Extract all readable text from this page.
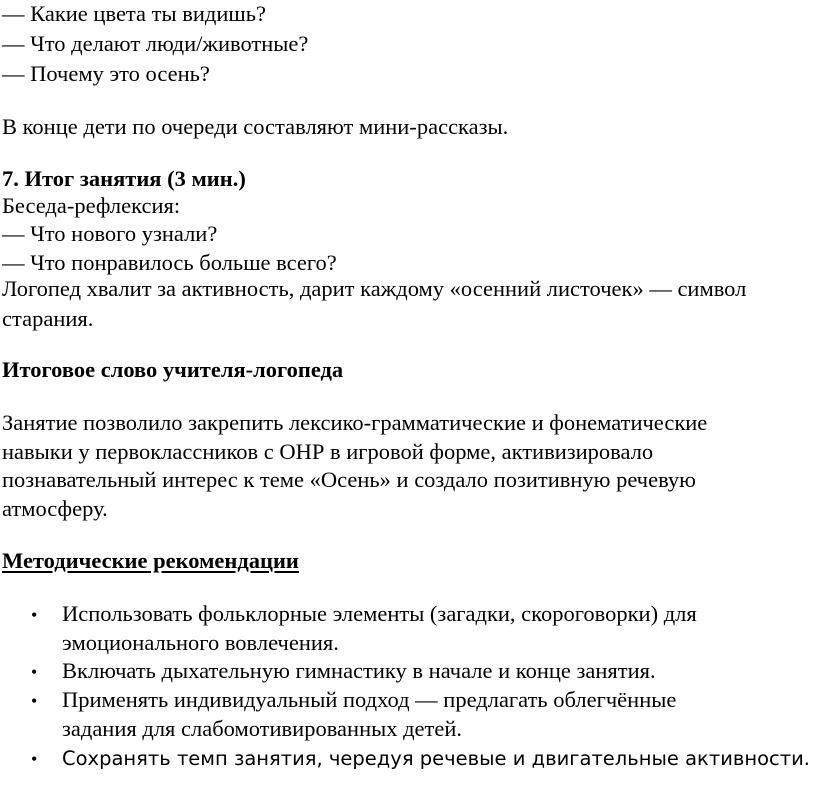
— Какие цвета ты видишь?
— Что делают люди/животные?
— Почему это осень?
В конце дети по очереди составляют мини-рассказы.
7. Итог занятия (3 мин.)
Беседа-рефлексия:
— Что нового узнали?
— Что понравилось больше всего?
Логопед хвалит за активность, дарит каждому «осенний листочек» — символ
старания.
Итоговое слово учителя-логопеда
Занятие позволило закрепить лексико-грамматические и фонематические
навыки у первоклассников с ОНР в игровой форме, активизировало
познавательный интерес к теме «Осень» и создало позитивную речевую
атмосферу.
Методические рекомендации
• Использовать фольклорные элементы (загадки, скороговорки) для
эмоционального вовлечения.
• Включать дыхательную гимнастику в начале и конце занятия.
• Применять индивидуальный подход — предлагать облегчённые
задания для слабомотивированных детей.
• Сохранять темп занятия, чередуя речевые и двигательные активности.
